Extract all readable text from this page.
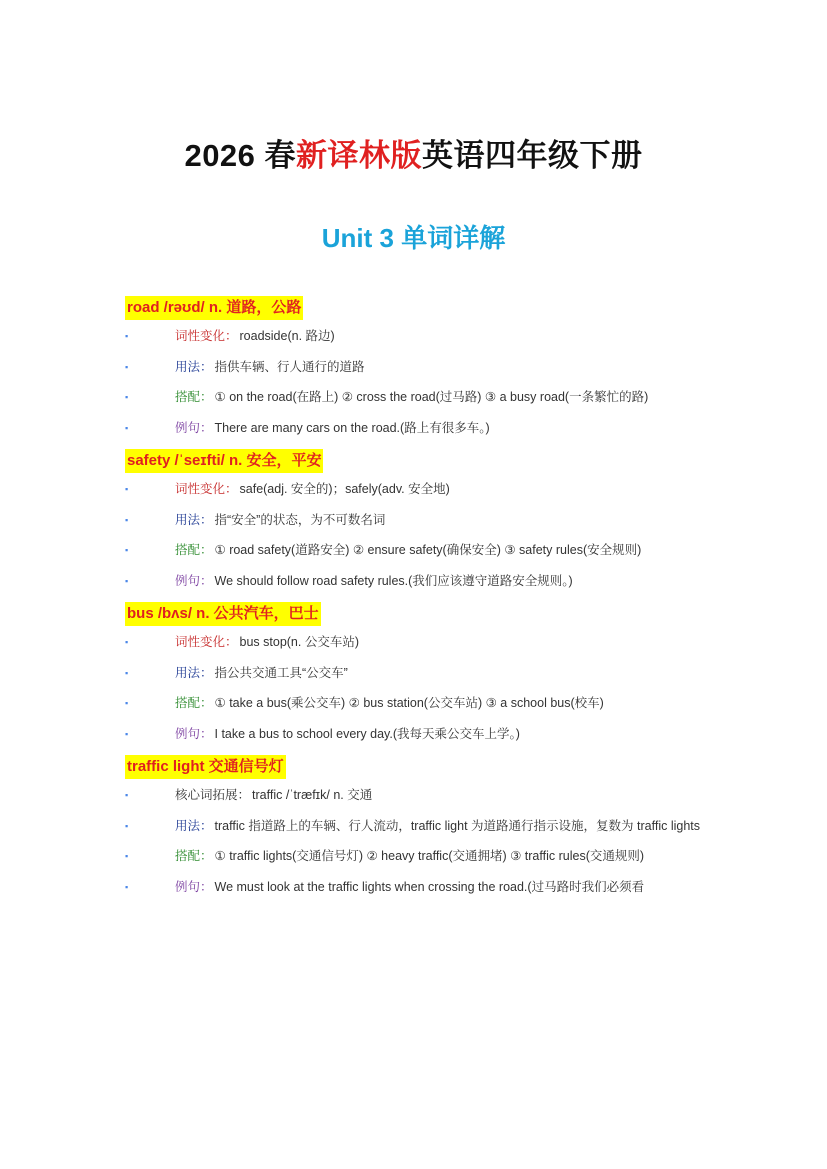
2026 春新译林版英语四年级下册
Unit 3 单词详解
road /rəʊd/ n. 道路，公路
▪	词性变化： roadside(n. 路边)
▪	用法： 指供车辆、行人通行的道路
▪	搭配： ① on the road(在路上) ② cross the road(过马路) ③ a busy road(一条繁忙的路)
▪	例句： There are many cars on the road.(路上有很多车。)
safety /ˈseɪfti/ n. 安全，平安
▪	词性变化： safe(adj. 安全的)；safely(adv. 安全地)
▪	用法： 指“安全”的状态，为不可数名词
▪	搭配： ① road safety(道路安全) ② ensure safety(确保安全) ③ safety rules(安全规则)
▪	例句： We should follow road safety rules.(我们应该遵守道路安全规则。)
bus /bʌs/ n. 公共汽车，巴士
▪	词性变化： bus stop(n. 公交车站)
▪	用法： 指公共交通工具“公交车”
▪	搭配： ① take a bus(乘公交车) ② bus station(公交车站) ③ a school bus(校车)
▪	例句： I take a bus to school every day.(我每天乘公交车上学。)
traffic light 交通信号灯
▪	核心词拓展： traffic /ˈtræfɪk/ n. 交通
▪	用法： traffic 指道路上的车辆、行人流动，traffic light 为道路通行指示设施，复数为 traffic lights
▪	搭配： ① traffic lights(交通信号灯) ② heavy traffic(交通拥堵) ③ traffic rules(交通规则)
▪	例句： We must look at the traffic lights when crossing the road.(过马路时我们必须看
